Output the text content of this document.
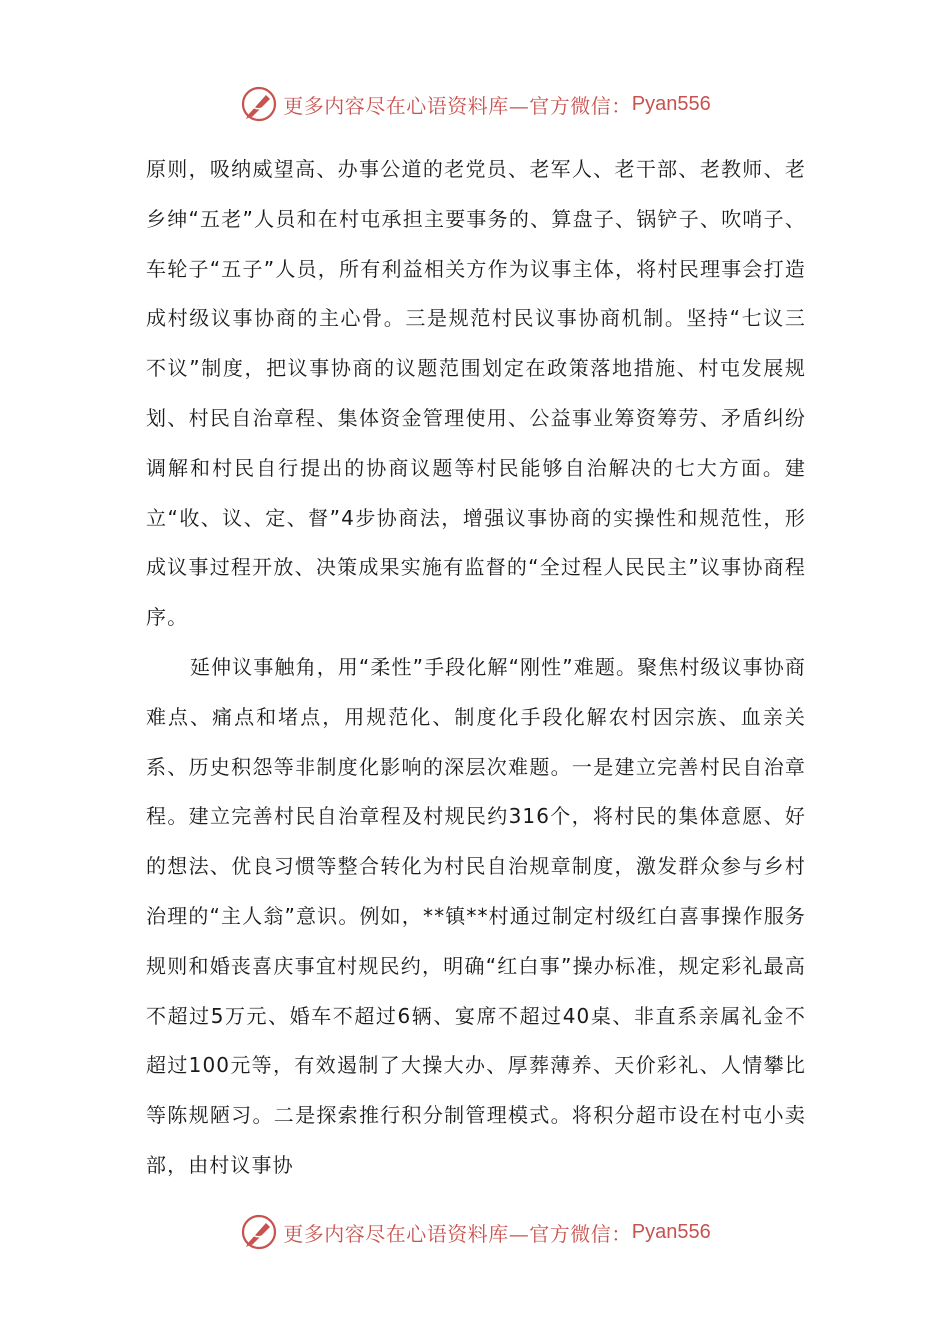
更多内容尽在心语资料库—官方微信： Pyan556

原则，吸纳威望高、办事公道的老党员、老军人、老干部、老教师、老乡绅“五老”人员和在村屯承担主要事务的、算盘子、锅铲子、吹哨子、车轮子“五子”人员，所有利益相关方作为议事主体，将村民理事会打造成村级议事协商的主心骨。三是规范村民议事协商机制。坚持“七议三不议”制度，把议事协商的议题范围划定在政策落地措施、村屯发展规划、村民自治章程、集体资金管理使用、公益事业筹资筹劳、矛盾纠纷调解和村民自行提出的协商议题等村民能够自治解决的七大方面。建立“收、议、定、督”4步协商法，增强议事协商的实操性和规范性，形成议事过程开放、决策成果实施有监督的“全过程人民民主”议事协商程序。

延伸议事触角，用“柔性”手段化解“刚性”难题。聚焦村级议事协商难点、痛点和堵点，用规范化、制度化手段化解农村因宗族、血亲关系、历史积怨等非制度化影响的深层次难题。一是建立完善村民自治章程。建立完善村民自治章程及村规民约316个，将村民的集体意愿、好的想法、优良习惯等整合转化为村民自治规章制度，激发群众参与乡村治理的“主人翁”意识。例如，**镇**村通过制定村级红白喜事操作服务规则和婚丧喜庆事宜村规民约，明确“红白事”操办标准，规定彩礼最高不超过5万元、婚车不超过6辆、宴席不超过40桌、非直系亲属礼金不超过100元等，有效遏制了大操大办、厚葬薄养、天价彩礼、人情攀比等陈规陋习。二是探索推行积分制管理模式。将积分超市设在村屯小卖部，由村议事协

更多内容尽在心语资料库—官方微信： Pyan556
